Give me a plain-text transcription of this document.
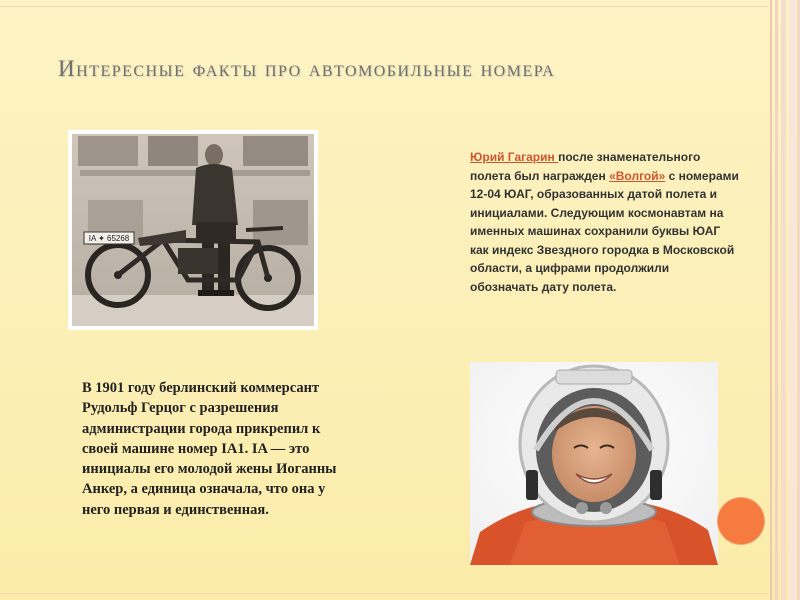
Интересные факты про автомобильные номера
IA ✦ 65268
Юрий Гагарин после знаменательного полета был награжден «Волгой» с номерами 12-04 ЮАГ, образованных датой полета и инициалами. Следующим космонавтам на именных машинах сохранили буквы ЮАГ как индекс Звездного городка в Московской области, а цифрами продолжили обозначать дату полета.
В 1901 году берлинский коммерсант Рудольф Герцог с разрешения администрации города прикрепил к своей машине номер IA1. IA — это инициалы его молодой жены Иоганны Анкер, а единица означала, что она у него первая и единственная.
